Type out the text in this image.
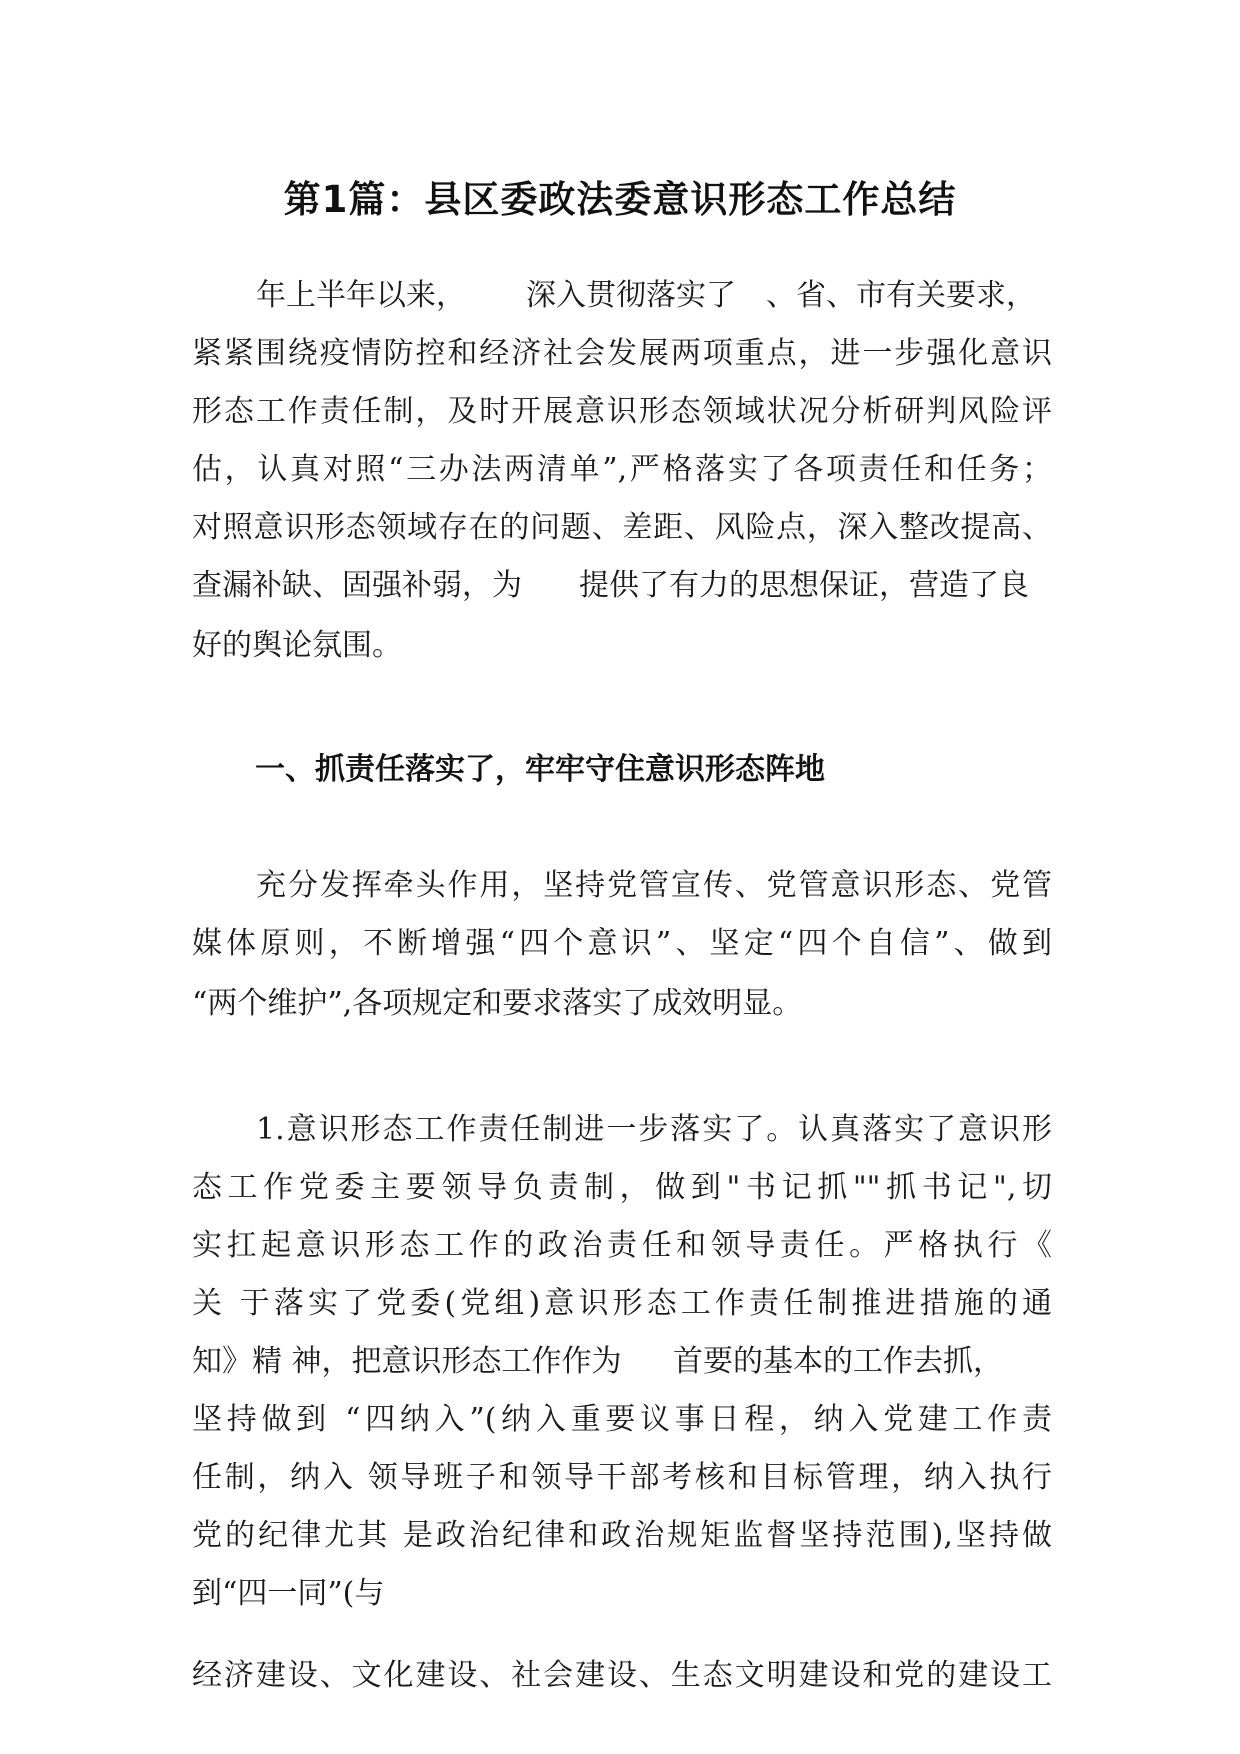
第1篇：县区委政法委意识形态工作总结
年上半年以来， 深入贯彻落实了 、省、市有关要求，
紧紧围绕疫情防控和经济社会发展两项重点，进一步强化意识
形态工作责任制，及时开展意识形态领域状况分析研判风险评
估，认真对照“三办法两清单”,严格落实了各项责任和任务；
对照意识形态领域存在的问题、差距、风险点，深入整改提高、
查漏补缺、固强补弱，为 提供了有力的思想保证，营造了良
好的舆论氛围。
一、抓责任落实了，牢牢守住意识形态阵地
充分发挥牵头作用，坚持党管宣传、党管意识形态、党管
媒体原则，不断增强“四个意识”、坚定“四个自信”、做到
“两个维护”,各项规定和要求落实了成效明显。
1.意识形态工作责任制进一步落实了。认真落实了意识形
态工作党委主要领导负责制，做到"书记抓""抓书记",切
实扛起意识形态工作的政治责任和领导责任。严格执行《
关 于落实了党委(党组)意识形态工作责任制推进措施的通
知》精 神，把意识形态工作作为 首要的基本的工作去抓，
坚持做到 “四纳入”(纳入重要议事日程，纳入党建工作责
任制，纳入 领导班子和领导干部考核和目标管理，纳入执行
党的纪律尤其 是政治纪律和政治规矩监督坚持范围),坚持做
到“四一同”(与
经济建设、文化建设、社会建设、生态文明建设和党的建设工
